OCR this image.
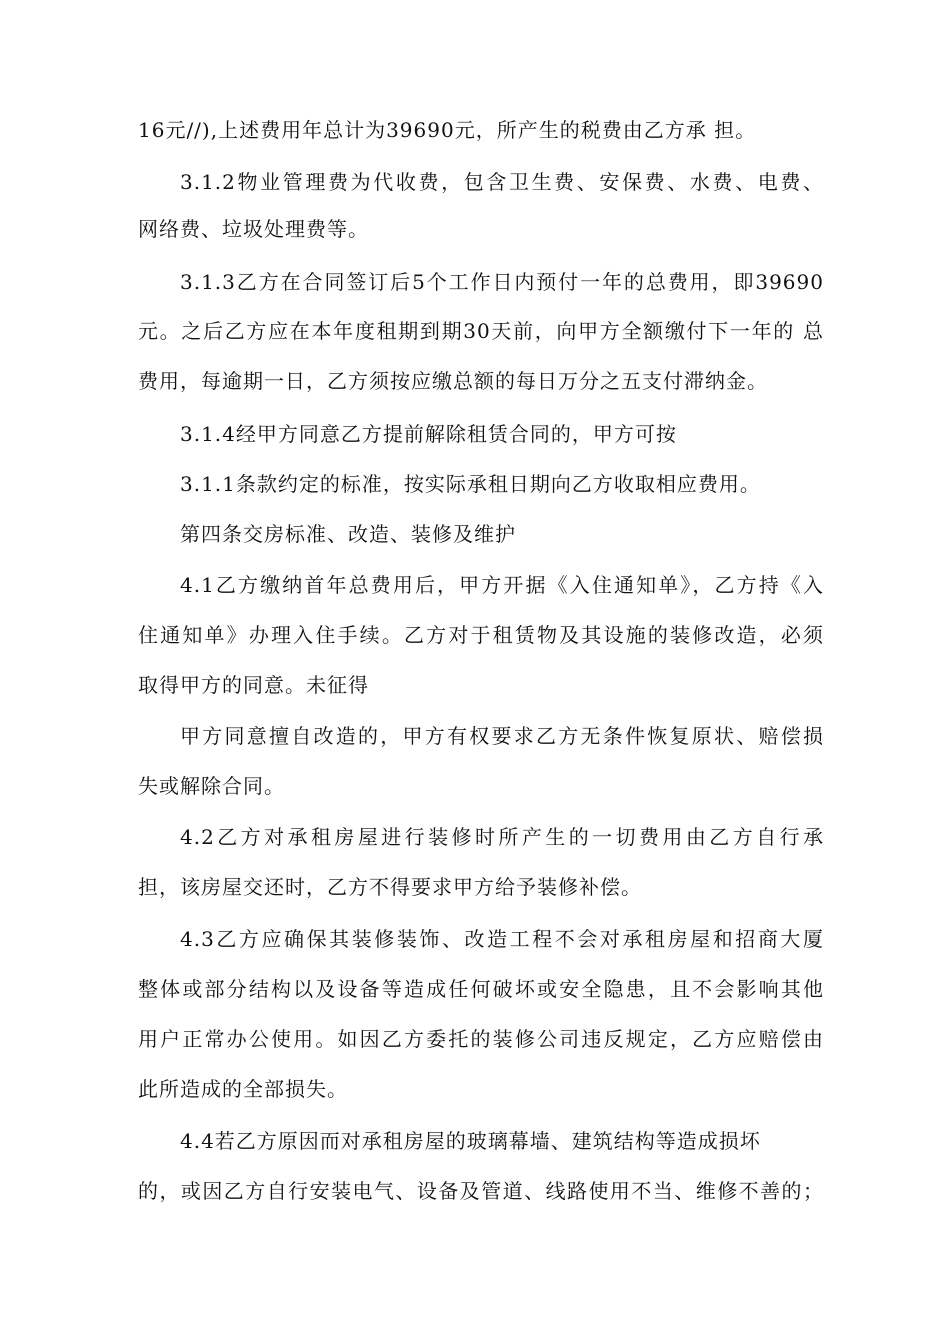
16元//),上述费用年总计为39690元，所产生的税费由乙方承 担。
3.1.2物业管理费为代收费，包含卫生费、安保费、水费、电费、
网络费、垃圾处理费等。
3.1.3乙方在合同签订后5个工作日内预付一年的总费用，即39690
元。之后乙方应在本年度租期到期30天前，向甲方全额缴付下一年的 总
费用，每逾期一日，乙方须按应缴总额的每日万分之五支付滞纳金。
3.1.4经甲方同意乙方提前解除租赁合同的，甲方可按
3.1.1条款约定的标准，按实际承租日期向乙方收取相应费用。
第四条交房标准、改造、装修及维护
4.1乙方缴纳首年总费用后，甲方开据《入住通知单》，乙方持《入
住通知单》办理入住手续。乙方对于租赁物及其设施的装修改造，必须
取得甲方的同意。未征得
甲方同意擅自改造的，甲方有权要求乙方无条件恢复原状、赔偿损
失或解除合同。
4.2乙方对承租房屋进行装修时所产生的一切费用由乙方自行承
担，该房屋交还时，乙方不得要求甲方给予装修补偿。
4.3乙方应确保其装修装饰、改造工程不会对承租房屋和招商大厦
整体或部分结构以及设备等造成任何破坏或安全隐患，且不会影响其他
用户正常办公使用。如因乙方委托的装修公司违反规定，乙方应赔偿由
此所造成的全部损失。
4.4若乙方原因而对承租房屋的玻璃幕墙、建筑结构等造成损坏
的，或因乙方自行安装电气、设备及管道、线路使用不当、维修不善的；
